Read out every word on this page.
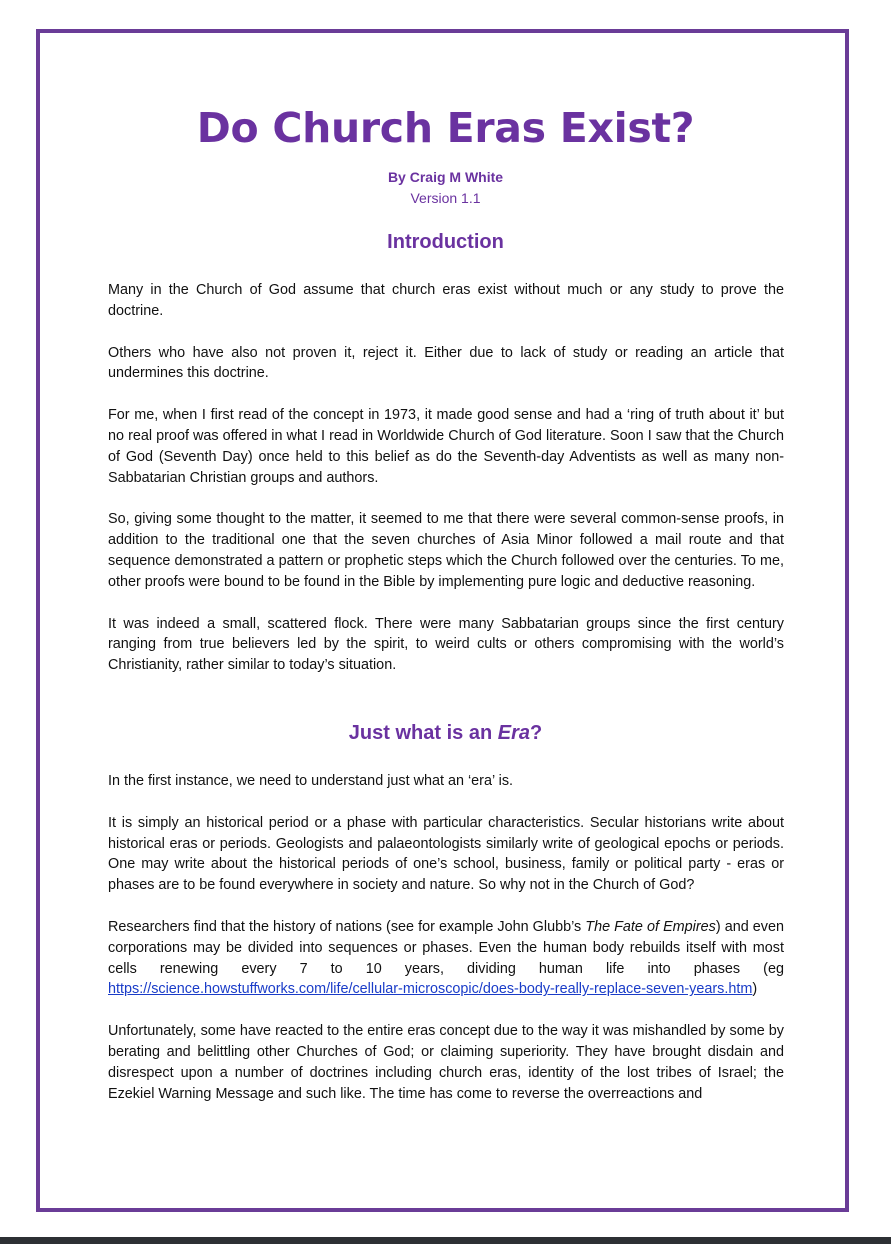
Do Church Eras Exist?
By Craig M White
Version 1.1
Introduction

Many in the Church of God assume that church eras exist without much or any study to prove the doctrine.

Others who have also not proven it, reject it. Either due to lack of study or reading an article that undermines this doctrine.

For me, when I first read of the concept in 1973, it made good sense and had a ‘ring of truth about it’ but no real proof was offered in what I read in Worldwide Church of God literature. Soon I saw that the Church of God (Seventh Day) once held to this belief as do the Seventh-day Adventists as well as many non-Sabbatarian Christian groups and authors.

So, giving some thought to the matter, it seemed to me that there were several common-sense proofs, in addition to the traditional one that the seven churches of Asia Minor followed a mail route and that sequence demonstrated a pattern or prophetic steps which the Church followed over the centuries. To me, other proofs were bound to be found in the Bible by implementing pure logic and deductive reasoning.

It was indeed a small, scattered flock. There were many Sabbatarian groups since the first century ranging from true believers led by the spirit, to weird cults or others compromising with the world’s Christianity, rather similar to today’s situation.

Just what is an Era?

In the first instance, we need to understand just what an ‘era’ is.

It is simply an historical period or a phase with particular characteristics. Secular historians write about historical eras or periods. Geologists and palaeontologists similarly write of geological epochs or periods. One may write about the historical periods of one’s school, business, family or political party - eras or phases are to be found everywhere in society and nature. So why not in the Church of God?

Researchers find that the history of nations (see for example John Glubb’s The Fate of Empires) and even corporations may be divided into sequences or phases. Even the human body rebuilds itself with most cells renewing every 7 to 10 years, dividing human life into phases (eg https://science.howstuffworks.com/life/cellular-microscopic/does-body-really-replace-seven-years.htm)

Unfortunately, some have reacted to the entire eras concept due to the way it was mishandled by some by berating and belittling other Churches of God; or claiming superiority. They have brought disdain and disrespect upon a number of doctrines including church eras, identity of the lost tribes of Israel; the Ezekiel Warning Message and such like. The time has come to reverse the overreactions and
